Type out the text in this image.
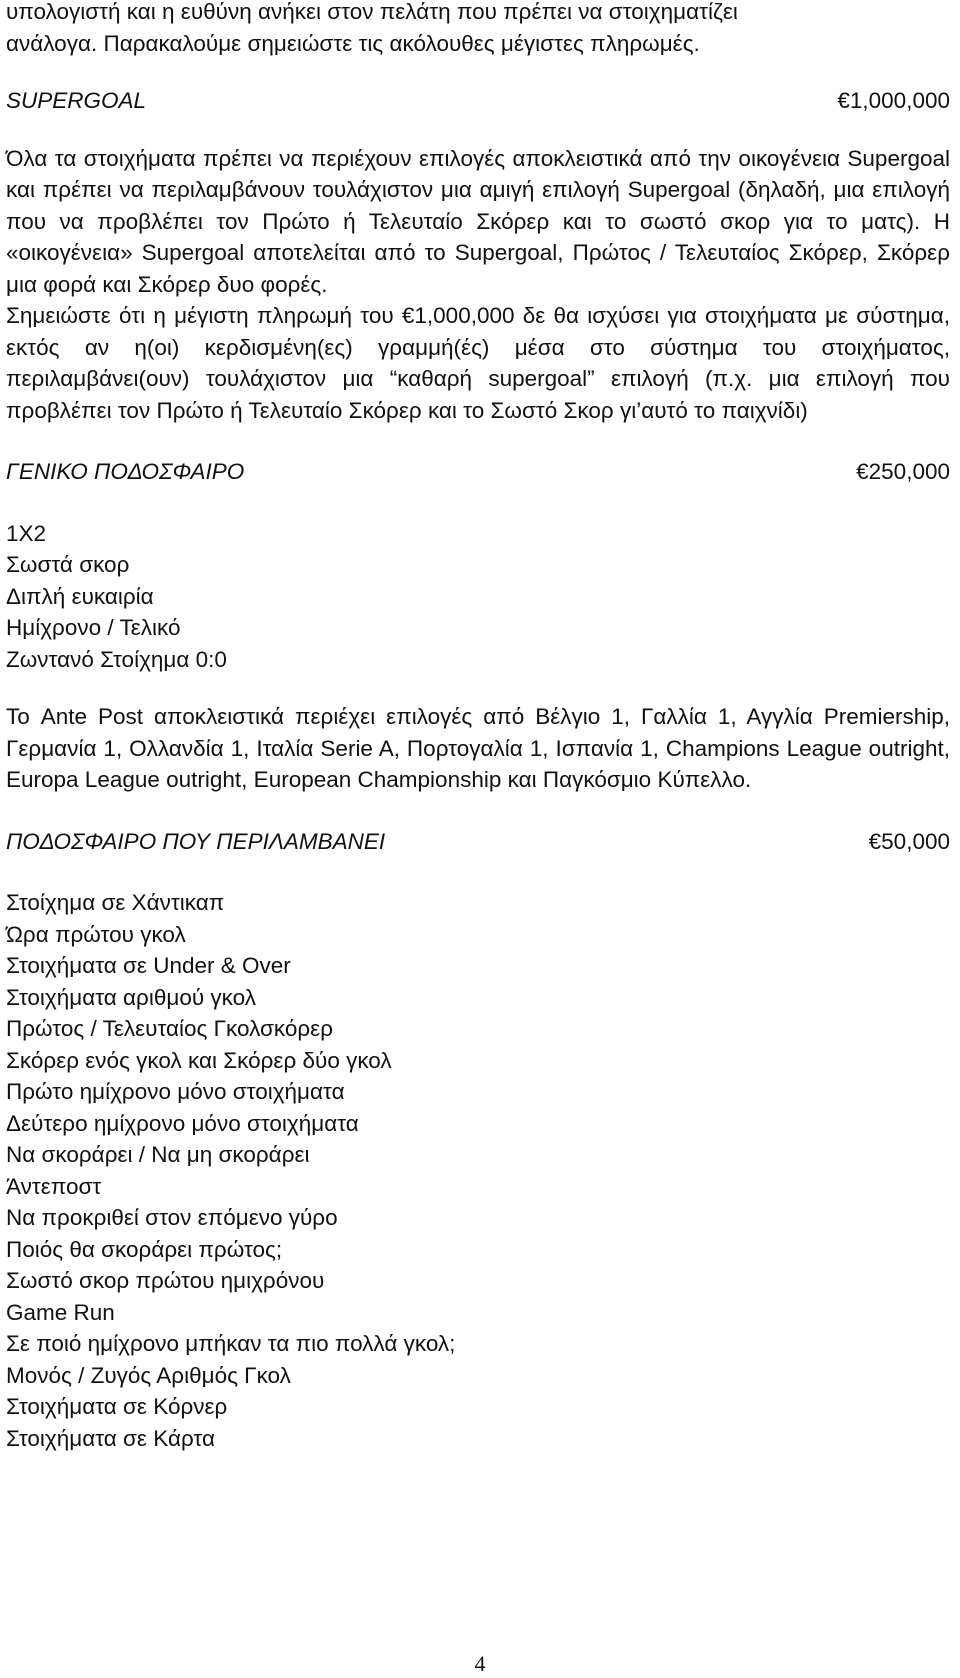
υπολογιστή και η ευθύνη ανήκει στον πελάτη που πρέπει να στοιχηματίζει

ανάλογα. Παρακαλούμε σημειώστε τις ακόλουθες μέγιστες πληρωμές.

SUPERGOAL	€1,000,000

Όλα τα στοιχήματα πρέπει να περιέχουν επιλογές αποκλειστικά από την οικογένεια Supergoal και πρέπει να περιλαμβάνουν τουλάχιστον μια αμιγή επιλογή Supergoal (δηλαδή, μια επιλογή που να προβλέπει τον Πρώτο ή Τελευταίο Σκόρερ και το σωστό σκορ για το ματς). Η «οικογένεια» Supergoal αποτελείται από το Supergoal, Πρώτος / Τελευταίος Σκόρερ, Σκόρερ μια φορά και Σκόρερ δυο φορές.

Σημειώστε ότι η μέγιστη πληρωμή του €1,000,000 δε θα ισχύσει για στοιχήματα με σύστημα, εκτός αν η(οι) κερδισμένη(ες) γραμμή(ές) μέσα στο σύστημα του στοιχήματος, περιλαμβάνει(ουν) τουλάχιστον μια “καθαρή supergoal” επιλογή (π.χ. μια επιλογή που προβλέπει τον Πρώτο ή Τελευταίο Σκόρερ και το Σωστό Σκορ γι’αυτό το παιχνίδι)

ΓΕΝΙΚΟ ΠΟΔΟΣΦΑΙΡΟ	€250,000

1Χ2

Σωστά σκορ

Διπλή ευκαιρία

Ημίχρονο / Τελικό

Ζωντανό Στοίχημα 0:0

Το Ante Post αποκλειστικά περιέχει επιλογές από Βέλγιο 1, Γαλλία 1, Αγγλία Premiership, Γερμανία 1, Ολλανδία 1, Ιταλία Serie A, Πορτογαλία 1, Ισπανία 1, Champions League outright, Europa League outright, European Championship και Παγκόσμιο Κύπελλο.

ΠΟΔΟΣΦΑΙΡΟ ΠΟΥ ΠΕΡΙΛΑΜΒΑΝΕΙ	€50,000

Στοίχημα σε Χάντικαπ

Ώρα πρώτου γκολ

Στοιχήματα σε Under & Over

Στοιχήματα αριθμού γκολ

Πρώτος / Τελευταίος Γκολσκόρερ

Σκόρερ ενός γκολ και Σκόρερ δύο γκολ

Πρώτο ημίχρονο μόνο στοιχήματα

Δεύτερο ημίχρονο μόνο στοιχήματα

Να σκοράρει / Να μη σκοράρει

Άντεποστ

Να προκριθεί στον επόμενο γύρο

Ποιός θα σκοράρει πρώτος;

Σωστό σκορ πρώτου ημιχρόνου

Game Run

Σε ποιό ημίχρονο μπήκαν τα πιο πολλά γκολ;

Μονός / Ζυγός Αριθμός Γκολ

Στοιχήματα σε Κόρνερ

Στοιχήματα σε Κάρτα

4
